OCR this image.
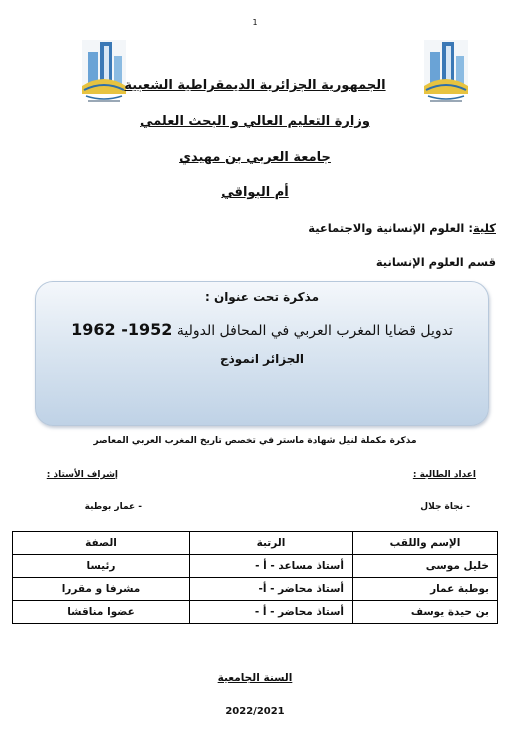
1
الجمهورية الجزائرية الديمقراطية الشعبية
وزارة التعليم العالي و البحث العلمي
جامعة العربي بن مهيدي
أم البواقي
كلية: العلوم الإنسانية والاجتماعية
قسم العلوم الإنسانية
مذكرة تحت عنوان :
تدويل قضايا المغرب العربي في المحافل الدولية 1952- 1962
الجزائر انموذج
مذكرة مكملة لنيل شهادة ماستر في تخصص تاريخ المغرب العربي المعاصر
اعداد الطالبة :
إشراف الأستاذ :
- نجاة جلال
- عمار بوطبة
الإسم واللقب	الرتبة	الصفة
خليل موسى	أستاذ مساعد - أ -	رئيسا
بوطبة عمار	أستاذ محاضر - أ-	مشرفا و مقررا
بن حيدة يوسف	أستاذ محاضر - أ -	عضوا مناقشا
السنة الجامعية
2022/2021
